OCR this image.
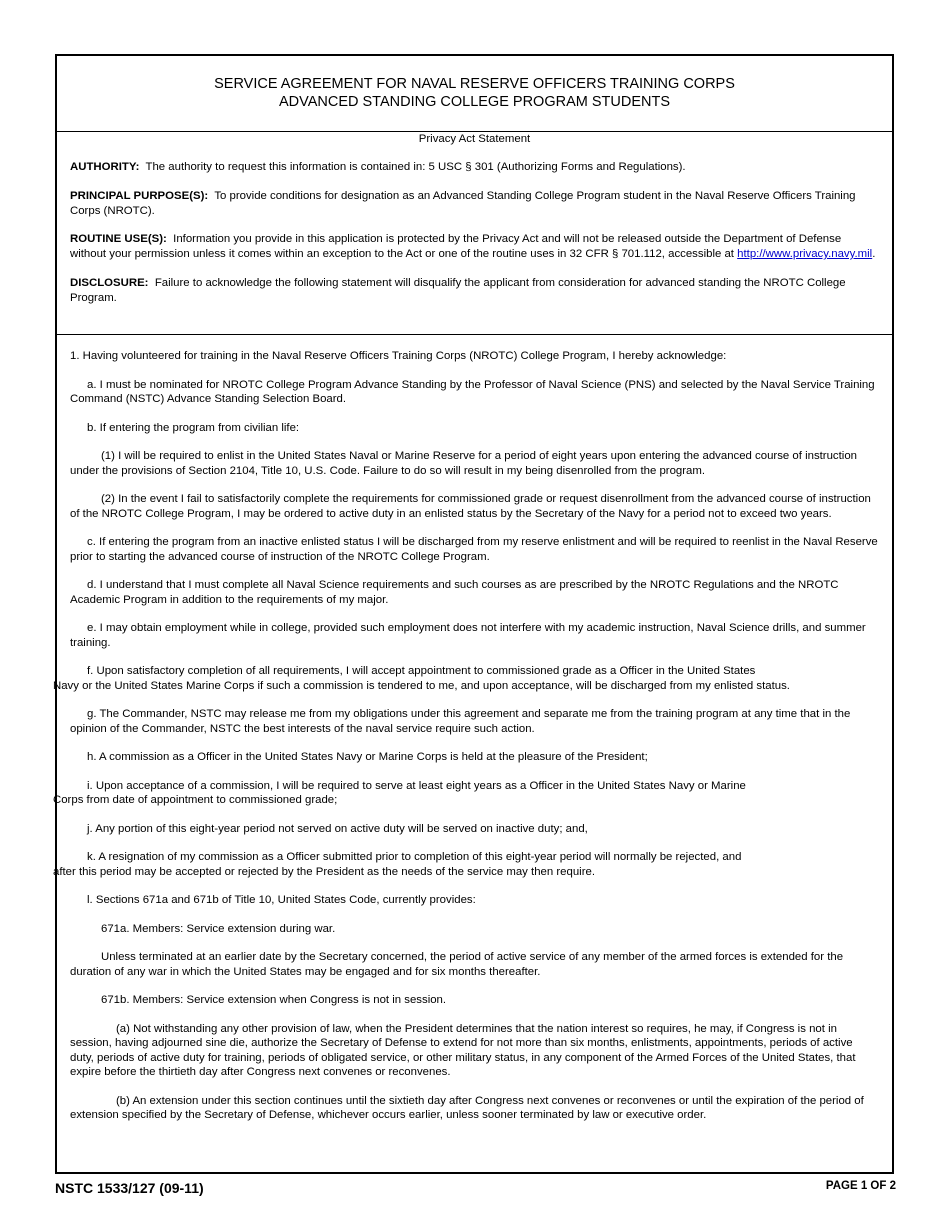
SERVICE AGREEMENT FOR NAVAL RESERVE OFFICERS TRAINING CORPS
ADVANCED STANDING COLLEGE PROGRAM STUDENTS
Privacy Act Statement

AUTHORITY: The authority to request this information is contained in: 5 USC § 301 (Authorizing Forms and Regulations).

PRINCIPAL PURPOSE(S): To provide conditions for designation as an Advanced Standing College Program student in the Naval Reserve Officers Training Corps (NROTC).

ROUTINE USE(S): Information you provide in this application is protected by the Privacy Act and will not be released outside the Department of Defense without your permission unless it comes within an exception to the Act or one of the routine uses in 32 CFR § 701.112, accessible at http://www.privacy.navy.mil.

DISCLOSURE: Failure to acknowledge the following statement will disqualify the applicant from consideration for advanced standing the NROTC College Program.

1. Having volunteered for training in the Naval Reserve Officers Training Corps (NROTC) College Program, I hereby acknowledge:

a. I must be nominated for NROTC College Program Advance Standing by the Professor of Naval Science (PNS) and selected by the Naval Service Training Command (NSTC) Advance Standing Selection Board.

b. If entering the program from civilian life:

(1) I will be required to enlist in the United States Naval or Marine Reserve for a period of eight years upon entering the advanced course of instruction under the provisions of Section 2104, Title 10, U.S. Code. Failure to do so will result in my being disenrolled from the program.

(2) In the event I fail to satisfactorily complete the requirements for commissioned grade or request disenrollment from the advanced course of instruction of the NROTC College Program, I may be ordered to active duty in an enlisted status by the Secretary of the Navy for a period not to exceed two years.

c. If entering the program from an inactive enlisted status I will be discharged from my reserve enlistment and will be required to reenlist in the Naval Reserve prior to starting the advanced course of instruction of the NROTC College Program.

d. I understand that I must complete all Naval Science requirements and such courses as are prescribed by the NROTC Regulations and the NROTC Academic Program in addition to the requirements of my major.

e. I may obtain employment while in college, provided such employment does not interfere with my academic instruction, Naval Science drills, and summer training.

f. Upon satisfactory completion of all requirements, I will accept appointment to commissioned grade as a Officer in the United States
Navy or the United States Marine Corps if such a commission is tendered to me, and upon acceptance, will be discharged from my enlisted status.

g. The Commander, NSTC may release me from my obligations under this agreement and separate me from the training program at any time that in the opinion of the Commander, NSTC the best interests of the naval service require such action.

h. A commission as a Officer in the United States Navy or Marine Corps is held at the pleasure of the President;

i. Upon acceptance of a commission, I will be required to serve at least eight years as a Officer in the United States Navy or Marine
Corps from date of appointment to commissioned grade;

j. Any portion of this eight-year period not served on active duty will be served on inactive duty; and,

k. A resignation of my commission as a Officer submitted prior to completion of this eight-year period will normally be rejected, and
after this period may be accepted or rejected by the President as the needs of the service may then require.

l. Sections 671a and 671b of Title 10, United States Code, currently provides:

671a. Members: Service extension during war.

Unless terminated at an earlier date by the Secretary concerned, the period of active service of any member of the armed forces is extended for the duration of any war in which the United States may be engaged and for six months thereafter.

671b. Members: Service extension when Congress is not in session.

(a) Not withstanding any other provision of law, when the President determines that the nation interest so requires, he may, if Congress is not in session, having adjourned sine die, authorize the Secretary of Defense to extend for not more than six months, enlistments, appointments, periods of active duty, periods of active duty for training, periods of obligated service, or other military status, in any component of the Armed Forces of the United States, that expire before the thirtieth day after Congress next convenes or reconvenes.

(b) An extension under this section continues until the sixtieth day after Congress next convenes or reconvenes or until the expiration of the period of extension specified by the Secretary of Defense, whichever occurs earlier, unless sooner terminated by law or executive order.

NSTC 1533/127 (09-11)	PAGE 1 OF 2
